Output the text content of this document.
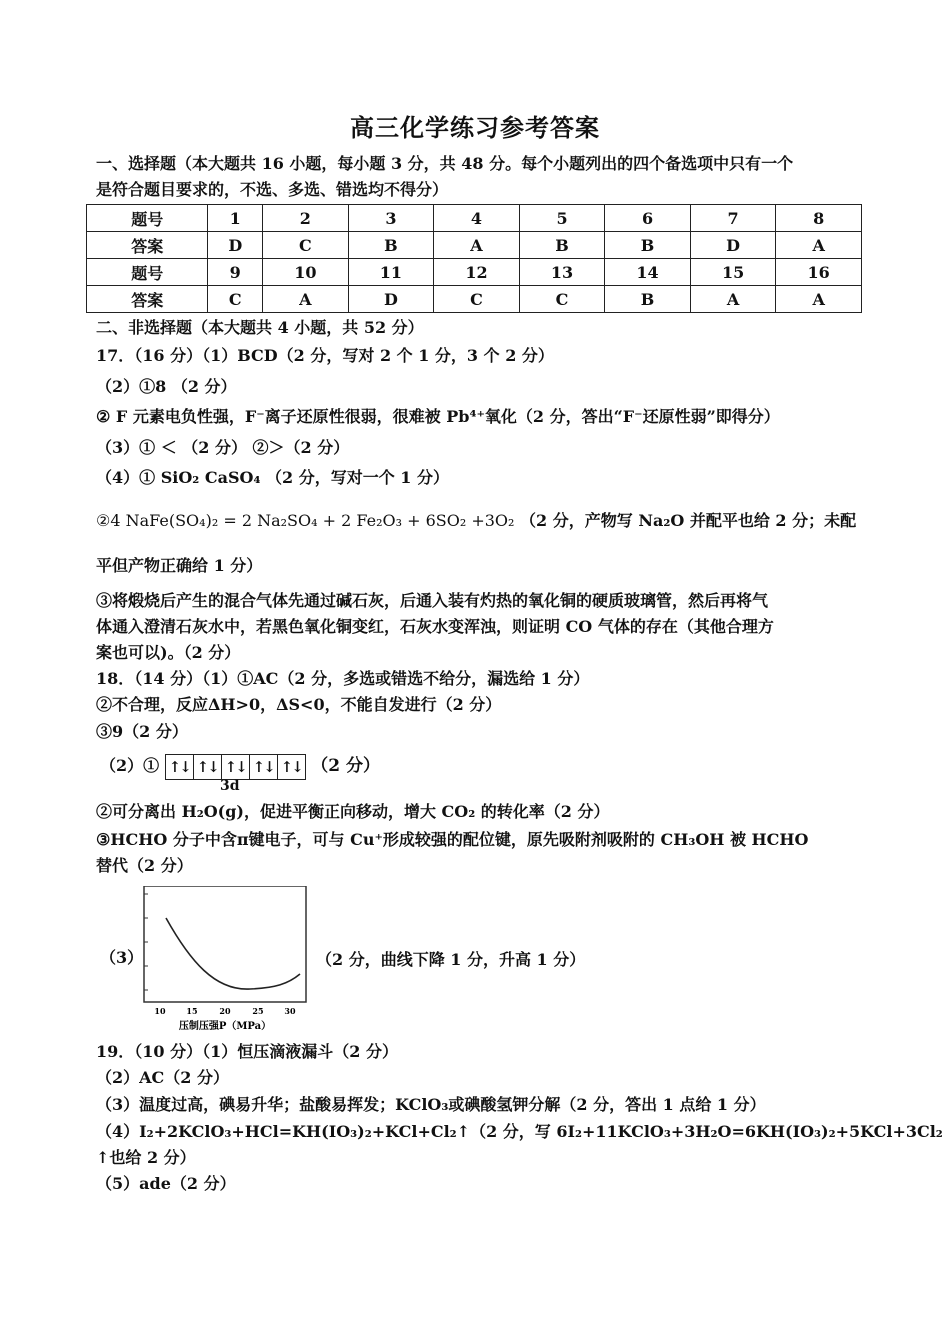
高三化学练习参考答案
一、选择题（本大题共 16 小题，每小题 3 分，共 48 分。每个小题列出的四个备选项中只有一个
是符合题目要求的，不选、多选、错选均不得分）
题号	1	2	3	4	5	6	7	8
答案	D	C	B	A	B	B	D	A
题号	9	10	11	12	13	14	15	16
答案	C	A	D	C	C	B	A	A
二、非选择题（本大题共 4 小题，共 52 分）
17．（16 分）（1）BCD（2 分，写对 2 个 1 分，3 个 2 分）
（2）①8 （2 分）
② F 元素电负性强，F⁻离子还原性很弱，很难被 Pb⁴⁺氧化（2 分，答出“F⁻还原性弱”即得分）
（3）① ＜ （2 分） ②＞（2 分）
（4）① SiO₂ CaSO₄ （2 分，写对一个 1 分）
②4 NaFe(SO₄)₂ = 2 Na₂SO₄ + 2 Fe₂O₃ + 6SO₂ +3O₂ （2 分，产物写 Na₂O 并配平也给 2 分；未配
平但产物正确给 1 分）
③将煅烧后产生的混合气体先通过碱石灰，后通入装有灼热的氧化铜的硬质玻璃管，然后再将气
体通入澄清石灰水中，若黑色氧化铜变红，石灰水变浑浊，则证明 CO 气体的存在（其他合理方
案也可以)。（2 分）
18．（14 分）（1）①AC（2 分，多选或错选不给分，漏选给 1 分）
②不合理，反应ΔH>0，ΔS<0，不能自发进行（2 分）
③9（2 分）
（2）① ↑↓ ↑↓ ↑↓ ↑↓ ↑↓ （2 分）
3d
②可分离出 H₂O(g)，促进平衡正向移动，增大 CO₂ 的转化率（2 分）
③HCHO 分子中含π键电子，可与 Cu⁺形成较强的配位键，原先吸附剂吸附的 CH₃OH 被 HCHO
替代（2 分）
（3）	（2 分，曲线下降 1 分，升高 1 分）
10	15	20	25	30
压制压强P（MPa）
19．（10 分）（1）恒压滴液漏斗（2 分）
（2）AC（2 分）
（3）温度过高，碘易升华；盐酸易挥发；KClO₃或碘酸氢钾分解（2 分，答出 1 点给 1 分）
（4）I₂+2KClO₃+HCl=KH(IO₃)₂+KCl+Cl₂↑（2 分，写 6I₂+11KClO₃+3H₂O=6KH(IO₃)₂+5KCl+3Cl₂
↑也给 2 分）
（5）ade（2 分）
